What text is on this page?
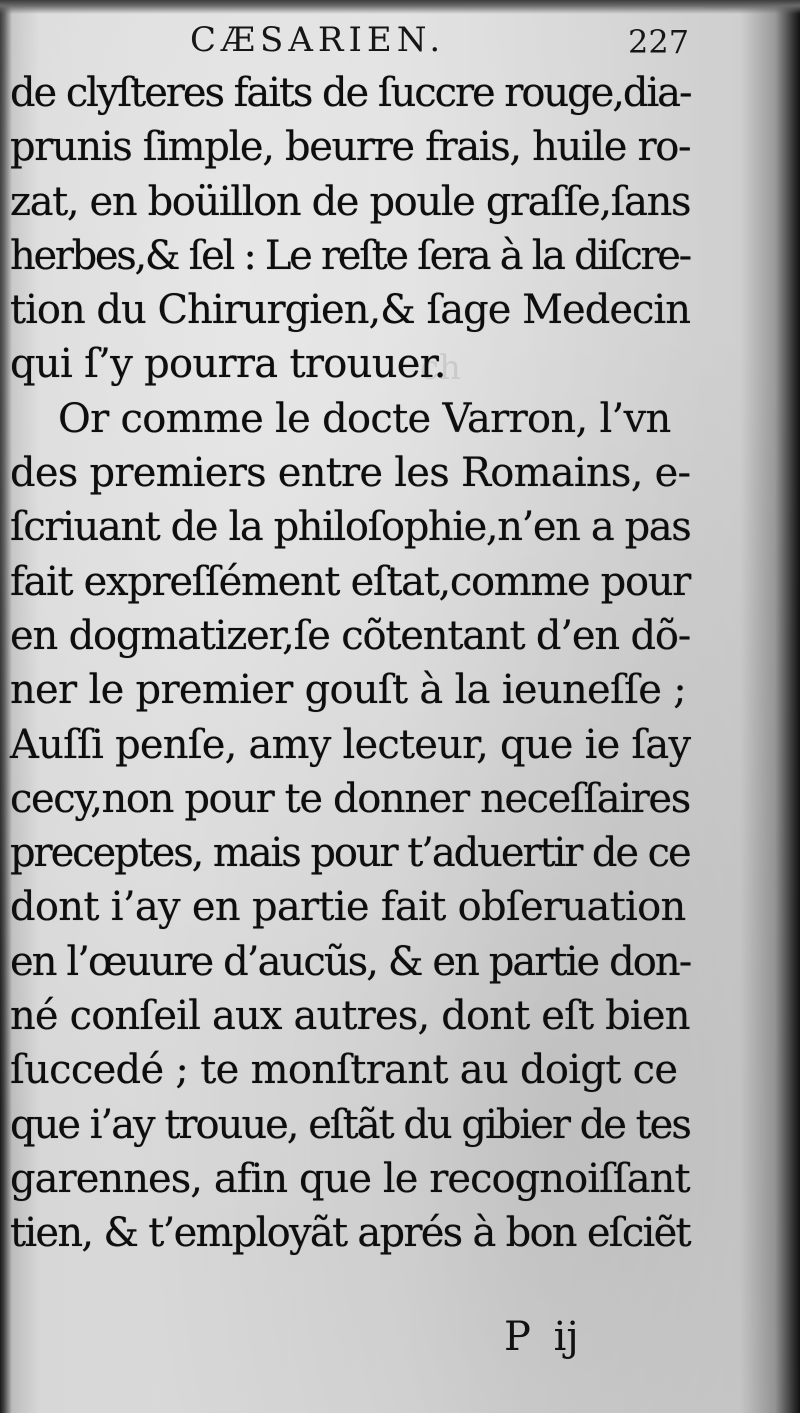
ch
CÆSARIEN.	227
de clyſteres faits de ſuccre rouge,dia-
prunis ſimple, beurre frais, huile ro-
zat, en boüillon de poule graſſe,ſans
herbes,& ſel : Le reſte ſera à la diſcre-
tion du Chirurgien,& ſage Medecin
qui ſ’y pourra trouuer.
Or comme le docte Varron, l’vn
des premiers entre les Romains, e-
ſcriuant de la philoſophie,n’en a pas
fait expreſſément eſtat,comme pour
en dogmatizer,ſe cõtentant d’en dõ-
ner le premier gouſt à la ieuneſſe ;
Auſſi penſe, amy lecteur, que ie ſay
cecy,non pour te donner neceſſaires
preceptes, mais pour t’aduertir de ce
dont i’ay en partie fait obſeruation
en l’œuure d’aucũs, & en partie don-
né conſeil aux autres, dont eſt bien
ſuccedé ; te monſtrant au doigt ce
que i’ay trouue, eſtãt du gibier de tes
garennes, afin que le recognoiſſant
tien, & t’employãt aprés à bon eſciẽt
P ij
